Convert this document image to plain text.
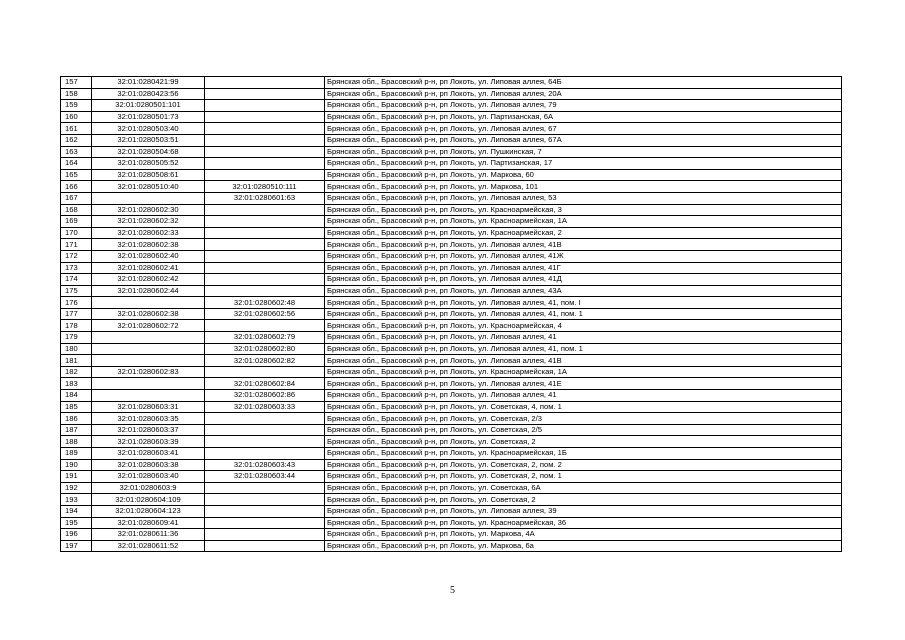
157	32:01:0280421:99		Брянская обл., Брасовский р-н, рп Локоть, ул. Липовая аллея, 64Б
158	32:01:0280423:56		Брянская обл., Брасовский р-н, рп Локоть, ул. Липовая аллея, 20А
159	32:01:0280501:101		Брянская обл., Брасовский р-н, рп Локоть, ул. Липовая аллея, 79
160	32:01:0280501:73		Брянская обл., Брасовский р-н, рп Локоть, ул. Партизанская, 6А
161	32:01:0280503:40		Брянская обл., Брасовский р-н, рп Локоть, ул. Липовая аллея, 67
162	32:01:0280503:51		Брянская обл., Брасовский р-н, рп Локоть, ул. Липовая аллея, 67А
163	32:01:0280504:68		Брянская обл., Брасовский р-н, рп Локоть, ул. Пушкинская, 7
164	32:01:0280505:52		Брянская обл., Брасовский р-н, рп Локоть, ул. Партизанская, 17
165	32:01:0280508:61		Брянская обл., Брасовский р-н, рп Локоть, ул. Маркова, 60
166	32:01:0280510:40	32:01:0280510:111	Брянская обл., Брасовский р-н, рп Локоть, ул. Маркова, 101
167		32:01:0280601:63	Брянская обл., Брасовский р-н, рп Локоть, ул. Липовая аллея, 53
168	32:01:0280602:30		Брянская обл., Брасовский р-н, рп Локоть, ул. Красноармейская, 3
169	32:01:0280602:32		Брянская обл., Брасовский р-н, рп Локоть, ул. Красноармейская, 1А
170	32:01:0280602:33		Брянская обл., Брасовский р-н, рп Локоть, ул. Красноармейская, 2
171	32:01:0280602:38		Брянская обл., Брасовский р-н, рп Локоть, ул. Липовая аллея, 41В
172	32:01:0280602:40		Брянская обл., Брасовский р-н, рп Локоть, ул. Липовая аллея, 41Ж
173	32:01:0280602:41		Брянская обл., Брасовский р-н, рп Локоть, ул. Липовая аллея, 41Г
174	32:01:0280602:42		Брянская обл., Брасовский р-н, рп Локоть, ул. Липовая аллея, 41Д
175	32:01:0280602:44		Брянская обл., Брасовский р-н, рп Локоть, ул. Липовая аллея, 43А
176		32:01:0280602:48	Брянская обл., Брасовский р-н, рп Локоть, ул. Липовая аллея, 41, пом. I
177	32:01:0280602:38	32:01:0280602:56	Брянская обл., Брасовский р-н, рп Локоть, ул. Липовая аллея, 41, пом. 1
178	32:01:0280602:72		Брянская обл., Брасовский р-н, рп Локоть, ул. Красноармейская, 4
179		32:01:0280602:79	Брянская обл., Брасовский р-н, рп Локоть, ул. Липовая аллея, 41
180		32:01:0280602:80	Брянская обл., Брасовский р-н, рп Локоть, ул. Липовая аллея, 41, пом. 1
181		32:01:0280602:82	Брянская обл., Брасовский р-н, рп Локоть, ул. Липовая аллея, 41В
182	32:01:0280602:83		Брянская обл., Брасовский р-н, рп Локоть, ул. Красноармейская, 1А
183		32:01:0280602:84	Брянская обл., Брасовский р-н, рп Локоть, ул. Липовая аллея, 41Е
184		32:01:0280602:86	Брянская обл., Брасовский р-н, рп Локоть, ул. Липовая аллея, 41
185	32:01:0280603:31	32:01:0280603:33	Брянская обл., Брасовский р-н, рп Локоть, ул. Советская, 4, пом. 1
186	32:01:0280603:35		Брянская обл., Брасовский р-н, рп Локоть, ул. Советская, 2/3
187	32:01:0280603:37		Брянская обл., Брасовский р-н, рп Локоть, ул. Советская, 2/5
188	32:01:0280603:39		Брянская обл., Брасовский р-н, рп Локоть, ул. Советская, 2
189	32:01:0280603:41		Брянская обл., Брасовский р-н, рп Локоть, ул. Красноармейская, 1Б
190	32:01:0280603:38	32:01:0280603:43	Брянская обл., Брасовский р-н, рп Локоть, ул. Советская, 2, пом. 2
191	32:01:0280603:40	32:01:0280603:44	Брянская обл., Брасовский р-н, рп Локоть, ул. Советская, 2, пом. 1
192	32:01:0280603:9		Брянская обл., Брасовский р-н, рп Локоть, ул. Советская, 6А
193	32:01:0280604:109		Брянская обл., Брасовский р-н, рп Локоть, ул. Советская, 2
194	32:01:0280604:123		Брянская обл., Брасовский р-н, рп Локоть, ул. Липовая аллея, 39
195	32:01:0280609:41		Брянская обл., Брасовский р-н, рп Локоть, ул. Красноармейская, 36
196	32:01:0280611:36		Брянская обл., Брасовский р-н, рп Локоть, ул. Маркова, 4А
197	32:01:0280611:52		Брянская обл., Брасовский р-н, рп Локоть, ул. Маркова, 6а
5
